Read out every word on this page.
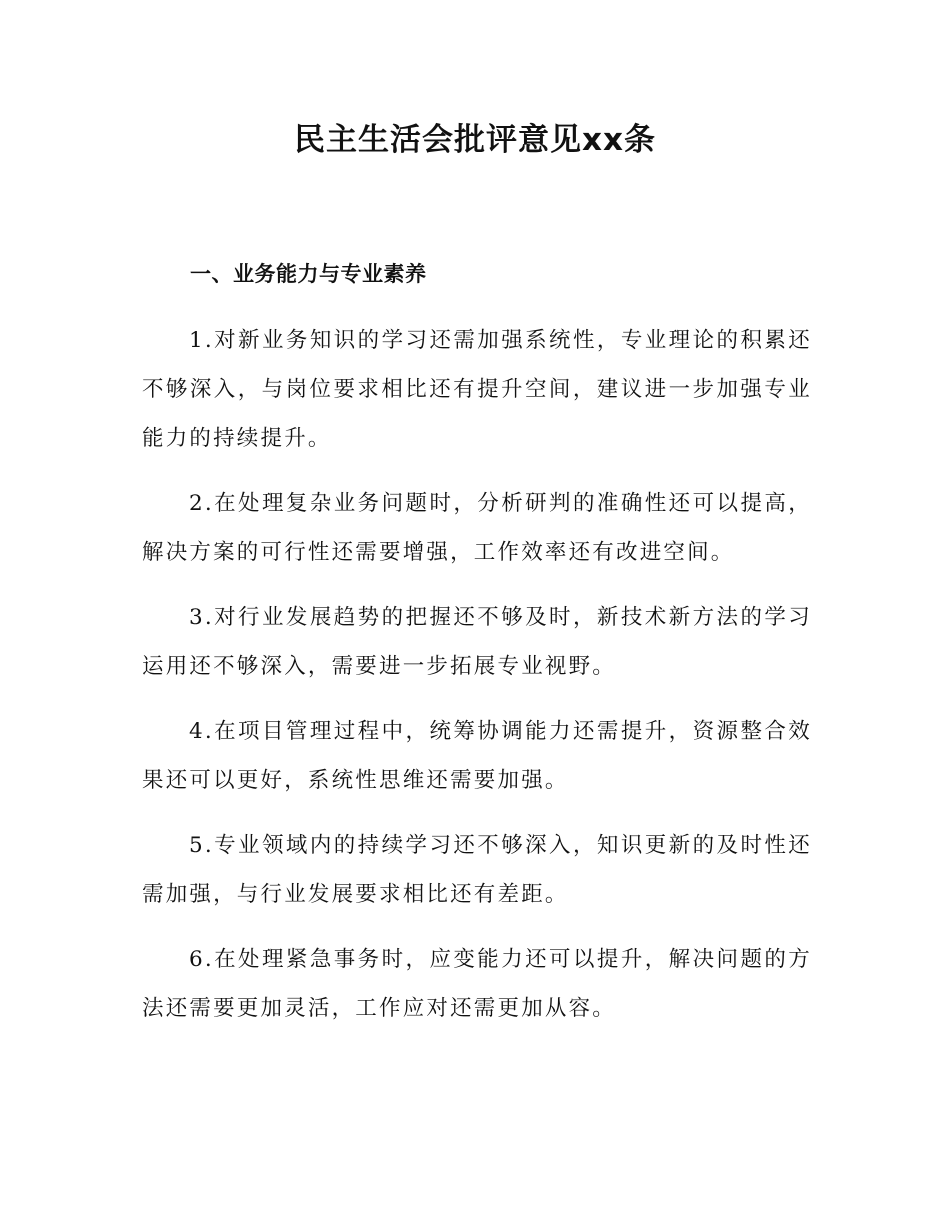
民主生活会批评意见xx条
一、业务能力与专业素养
1.对新业务知识的学习还需加强系统性，专业理论的积累还不够深入，与岗位要求相比还有提升空间，建议进一步加强专业能力的持续提升。
2.在处理复杂业务问题时，分析研判的准确性还可以提高，解决方案的可行性还需要增强，工作效率还有改进空间。
3.对行业发展趋势的把握还不够及时，新技术新方法的学习运用还不够深入，需要进一步拓展专业视野。
4.在项目管理过程中，统筹协调能力还需提升，资源整合效果还可以更好，系统性思维还需要加强。
5.专业领域内的持续学习还不够深入，知识更新的及时性还需加强，与行业发展要求相比还有差距。
6.在处理紧急事务时，应变能力还可以提升，解决问题的方法还需要更加灵活，工作应对还需更加从容。
